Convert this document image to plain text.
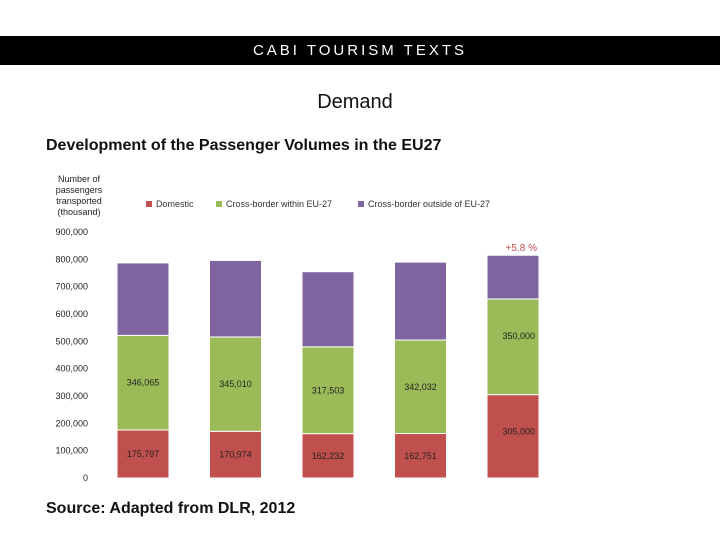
CABI TOURISM TEXTS
Demand
Development of the Passenger Volumes in the EU27
Number of passengers transported (thousand)
Domestic	Cross-border within EU-27	Cross-border outside of EU-27
900,000
800,000
700,000
600,000
500,000
400,000
300,000
200,000
100,000
0
175,797
346,065
170,974
345,010
162,232
317,503
162,751
342,032
305,000
350,000
+5.8 %
Source: Adapted from DLR, 2012
